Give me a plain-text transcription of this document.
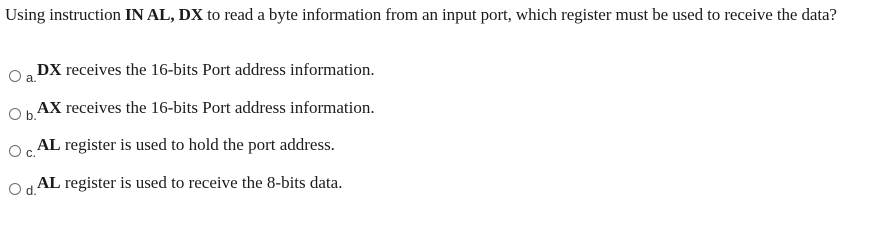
Using instruction IN AL, DX to read a byte information from an input port, which register must be used to receive the data?
a. DX receives the 16-bits Port address information.
b. AX receives the 16-bits Port address information.
c. AL register is used to hold the port address.
d. AL register is used to receive the 8-bits data.
